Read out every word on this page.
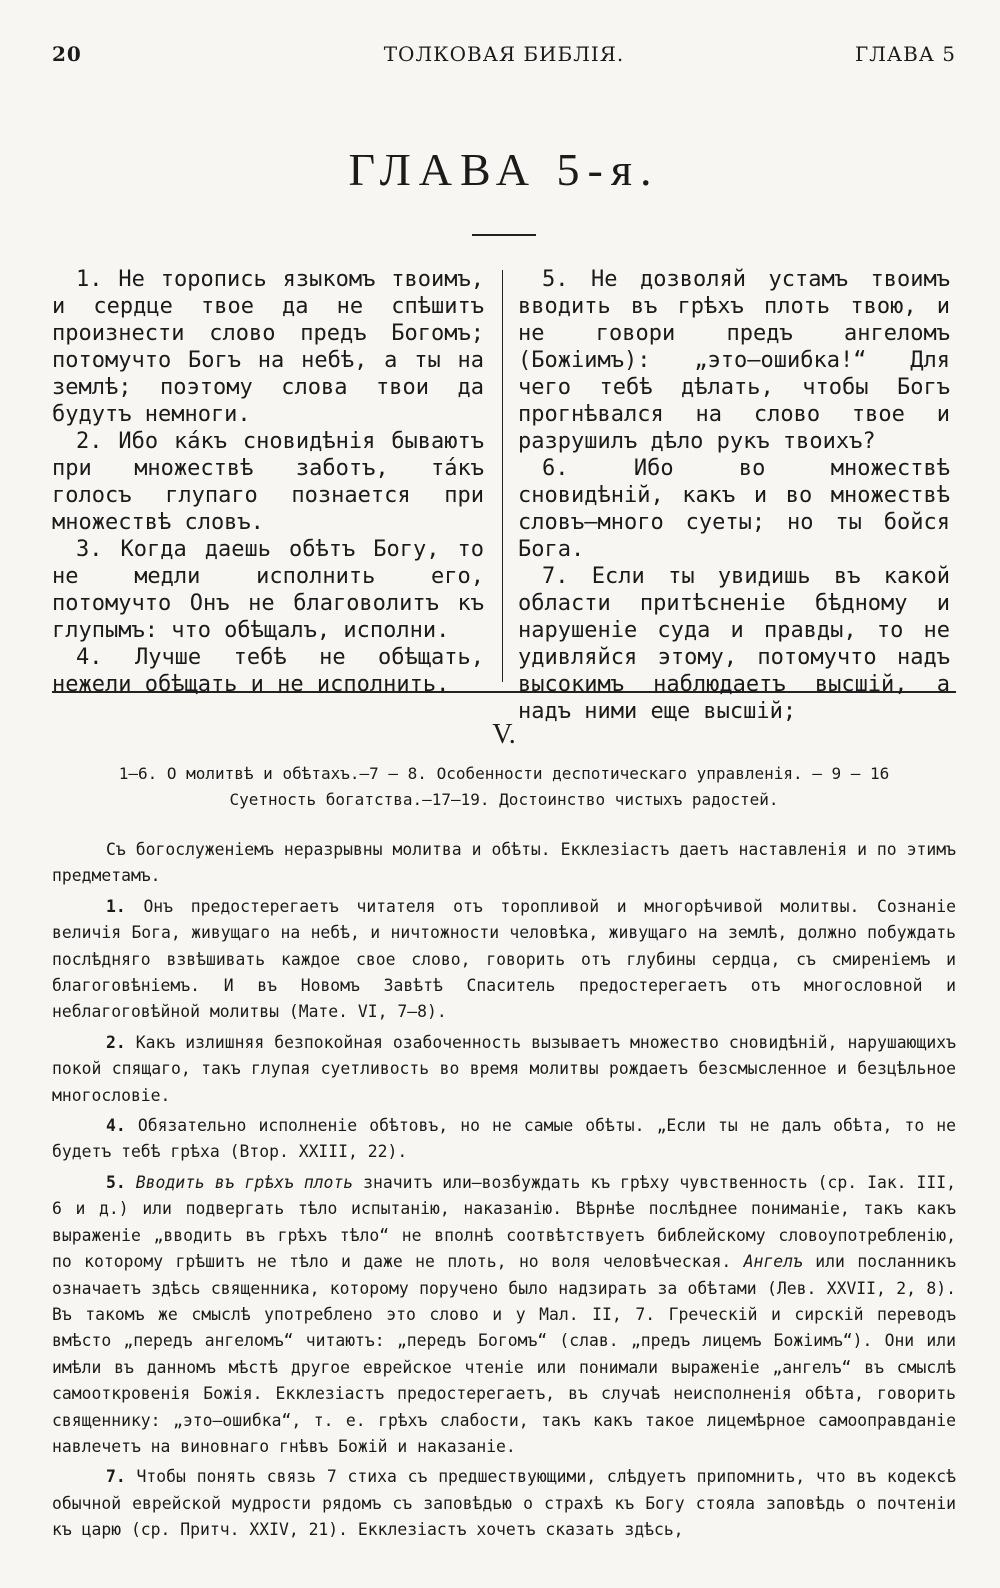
20	ТОЛКОВАЯ БИБЛІЯ.	ГЛАВА 5
ГЛАВА 5-я.

1. Не торопись языкомъ твоимъ, и сердце твое да не спѣшитъ произнести слово предъ Богомъ; потомучто Богъ на небѣ, а ты на землѣ; поэтому слова твои да будутъ немноги.

2. Ибо ка́къ сновидѣнія бываютъ при множествѣ заботъ, та́къ голосъ глупаго познается при множествѣ словъ.

3. Когда даешь обѣтъ Богу, то не медли исполнить его, потомучто Онъ не благоволитъ къ глупымъ: что обѣщалъ, исполни.

4. Лучше тебѣ не обѣщать, нежели обѣщать и не исполнить.

5. Не дозволяй устамъ твоимъ вводить въ грѣхъ плоть твою, и не говори предъ ангеломъ (Божіимъ): „это—ошибка!“ Для чего тебѣ дѣлать, чтобы Богъ прогнѣвался на слово твое и разрушилъ дѣло рукъ твоихъ?

6. Ибо во множествѣ сновидѣній, какъ и во множествѣ словъ—много суеты; но ты бойся Бога.

7. Если ты увидишь въ какой области притѣсненіе бѣдному и нарушеніе суда и правды, то не удивляйся этому, потомучто надъ высокимъ наблюдаетъ высшій, а надъ ними еще высшій;

V.
1—6. О молитвѣ и обѣтахъ.—7 — 8. Особенности деспотическаго управленія. — 9 — 16
Суетность богатства.—17—19. Достоинство чистыхъ радостей.

Съ богослуженіемъ неразрывны молитва и обѣты. Екклезіастъ даетъ наставленія и по этимъ предметамъ.

1. Онъ предостерегаетъ читателя отъ торопливой и многорѣчивой молитвы. Сознаніе величія Бога, живущаго на небѣ, и ничтожности человѣка, живущаго на землѣ, должно побуждать послѣдняго взвѣшивать каждое свое слово, говорить отъ глубины сердца, съ смиреніемъ и благоговѣніемъ. И въ Новомъ Завѣтѣ Спаситель предостерегаетъ отъ многословной и неблагоговѣйной молитвы (Мате. VI, 7—8).

2. Какъ излишняя безпокойная озабоченность вызываетъ множество сновидѣній, нарушающихъ покой спящаго, такъ глупая суетливость во время молитвы рождаетъ безсмысленное и безцѣльное многословіе.

4. Обязательно исполненіе обѣтовъ, но не самые обѣты. „Если ты не далъ обѣта, то не будетъ тебѣ грѣха (Втор. XXIII, 22).

5. Вводить въ грѣхъ плоть значитъ или—возбуждать къ грѣху чувственность (ср. Іак. III, 6 и д.) или подвергать тѣло испытанію, наказанію. Вѣрнѣе послѣднее пониманіе, такъ какъ выраженіе „вводить въ грѣхъ тѣло“ не вполнѣ соотвѣтствуетъ библейскому словоупотребленію, по которому грѣшитъ не тѣло и даже не плоть, но воля человѣческая. Ангелъ или посланникъ означаетъ здѣсь священника, которому поручено было надзирать за обѣтами (Лев. XXVII, 2, 8). Въ такомъ же смыслѣ употреблено это слово и у Мал. II, 7. Греческій и сирскій переводъ вмѣсто „передъ ангеломъ“ читаютъ: „передъ Богомъ“ (слав. „предъ лицемъ Божіимъ“). Они или имѣли въ данномъ мѣстѣ другое еврейское чтеніе или понимали выраженіе „ангелъ“ въ смыслѣ самооткровенія Божія. Екклезіастъ предостерегаетъ, въ случаѣ неисполненія обѣта, говорить священнику: „это—ошибка“, т. е. грѣхъ слабости, такъ какъ такое лицемѣрное самооправданіе навлечетъ на виновнаго гнѣвъ Божій и наказаніе.

7. Чтобы понять связь 7 стиха съ предшествующими, слѣдуетъ припомнить, что въ кодексѣ обычной еврейской мудрости рядомъ съ заповѣдью о страхѣ къ Богу стояла заповѣдь о почтеніи къ царю (ср. Притч. XXIV, 21). Екклезіастъ хочетъ сказать здѣсь,
